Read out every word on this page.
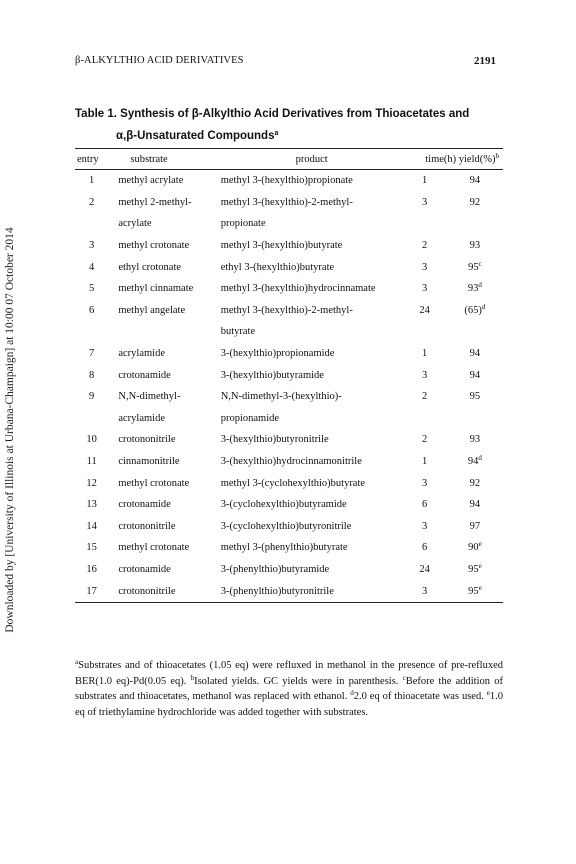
Downloaded by [University of Illinois at Urbana-Champaign] at 10:00 07 October 2014
β-ALKYLTHIO ACID DERIVATIVES	2191
Table 1. Synthesis of β-Alkylthio Acid Derivatives from Thioacetates and
α,β-Unsaturated Compounds$^a$
entry	substrate	product	time(h) yield(%)$^b$
1	methyl acrylate	methyl 3-(hexylthio)propionate	1	94
2	methyl 2-methyl-	methyl 3-(hexylthio)-2-methyl-	3	92
	acrylate	propionate		
3	methyl crotonate	methyl 3-(hexylthio)butyrate	2	93
4	ethyl crotonate	ethyl 3-(hexylthio)butyrate	3	95$^c$
5	methyl cinnamate	methyl 3-(hexylthio)hydrocinnamate	3	93$^d$
6	methyl angelate	methyl 3-(hexylthio)-2-methyl-	24	$(65)^d$
		butyrate		
7	acrylamide	3-(hexylthio)propionamide	1	94
8	crotonamide	3-(hexylthio)butyramide	3	94
9	N,N-dimethyl-	N,N-dimethyl-3-(hexylthio)-	2	95
	acrylamide	propionamide		
10	crotononitrile	3-(hexylthio)butyronitrile	2	93
11	cinnamonitrile	3-(hexylthio)hydrocinnamonitrile	1	94$^d$
12	methyl crotonate	methyl 3-(cyclohexylthio)butyrate	3	92
13	crotonamide	3-(cyclohexylthio)butyramide	6	94
14	crotononitrile	3-(cyclohexylthio)butyronitrile	3	97
15	methyl crotonate	methyl 3-(phenylthio)butyrate	6	90e
16	crotonamide	3-(phenylthio)butyramide	24	95e
17	crotononitrile	3-(phenylthio)butyronitrile	3	95e
$^a$Substrates and of thioacetates (1.05 eq) were refluxed in methanol in the presence of pre-refluxed BER(1.0 eq)-Pd(0.05 eq). $^b$Isolated yields. GC yields were in parenthesis. $^c$Before the addition of substrates and thioacetates, methanol was replaced with ethanol. $^d$2.0 eq of thioacetate was used. $^e$1.0 eq of triethylamine hydrochloride was added together with substrates.
